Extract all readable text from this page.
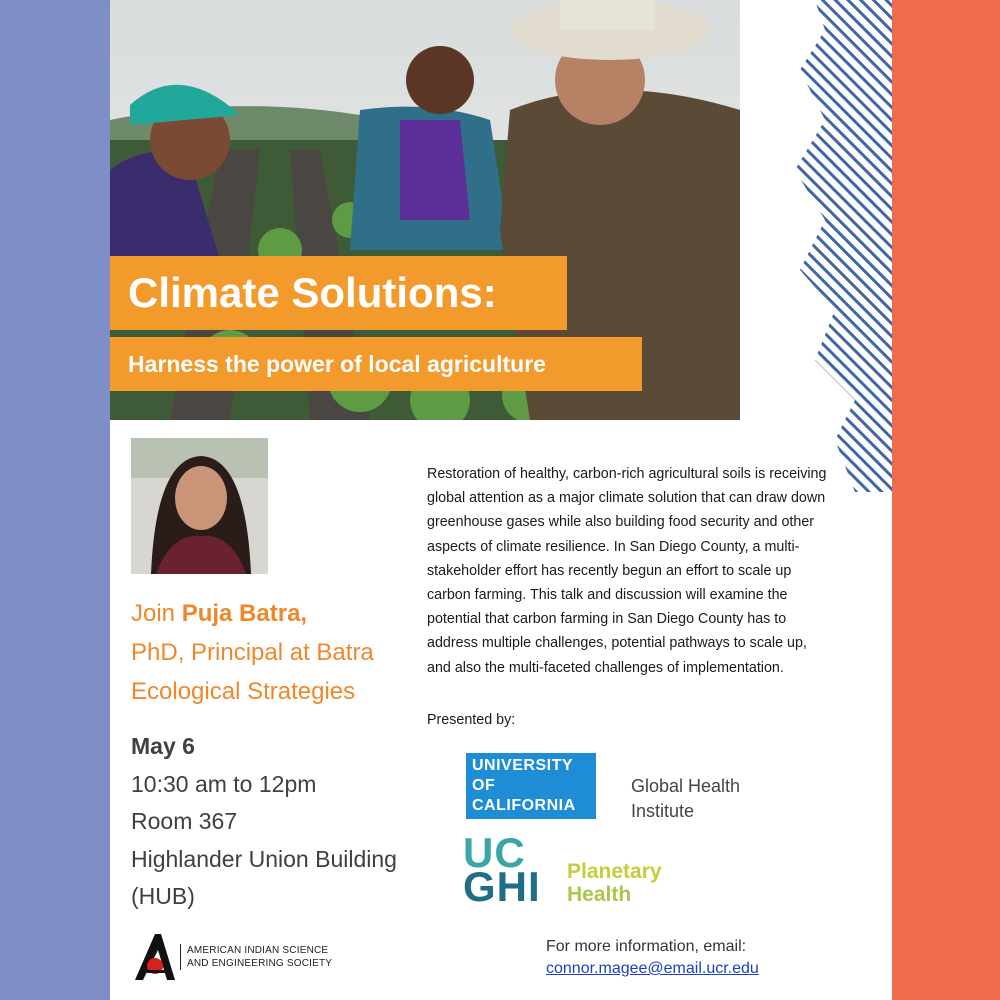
Climate Solutions:
Harness the power of local agriculture
Join Puja Batra,
PhD, Principal at Batra
Ecological Strategies
May 6
10:30 am to 12pm
Room 367
Highlander Union Building
(HUB)
Restoration of healthy, carbon-rich agricultural soils is receiving global attention as a major climate solution that can draw down greenhouse gases while also building food security and other aspects of climate resilience. In San Diego County, a multi-stakeholder effort has recently begun an effort to scale up carbon farming. This talk and discussion will examine the potential that carbon farming in San Diego County has to address multiple challenges, potential pathways to scale up, and also the multi-faceted challenges of implementation.
Presented by:
UNIVERSITY
OF
CALIFORNIA
Global Health
Institute
UC
GHI Planetary
Health
AMERICAN INDIAN SCIENCE
AND ENGINEERING SOCIETY
For more information, email:
connor.magee@email.ucr.edu
